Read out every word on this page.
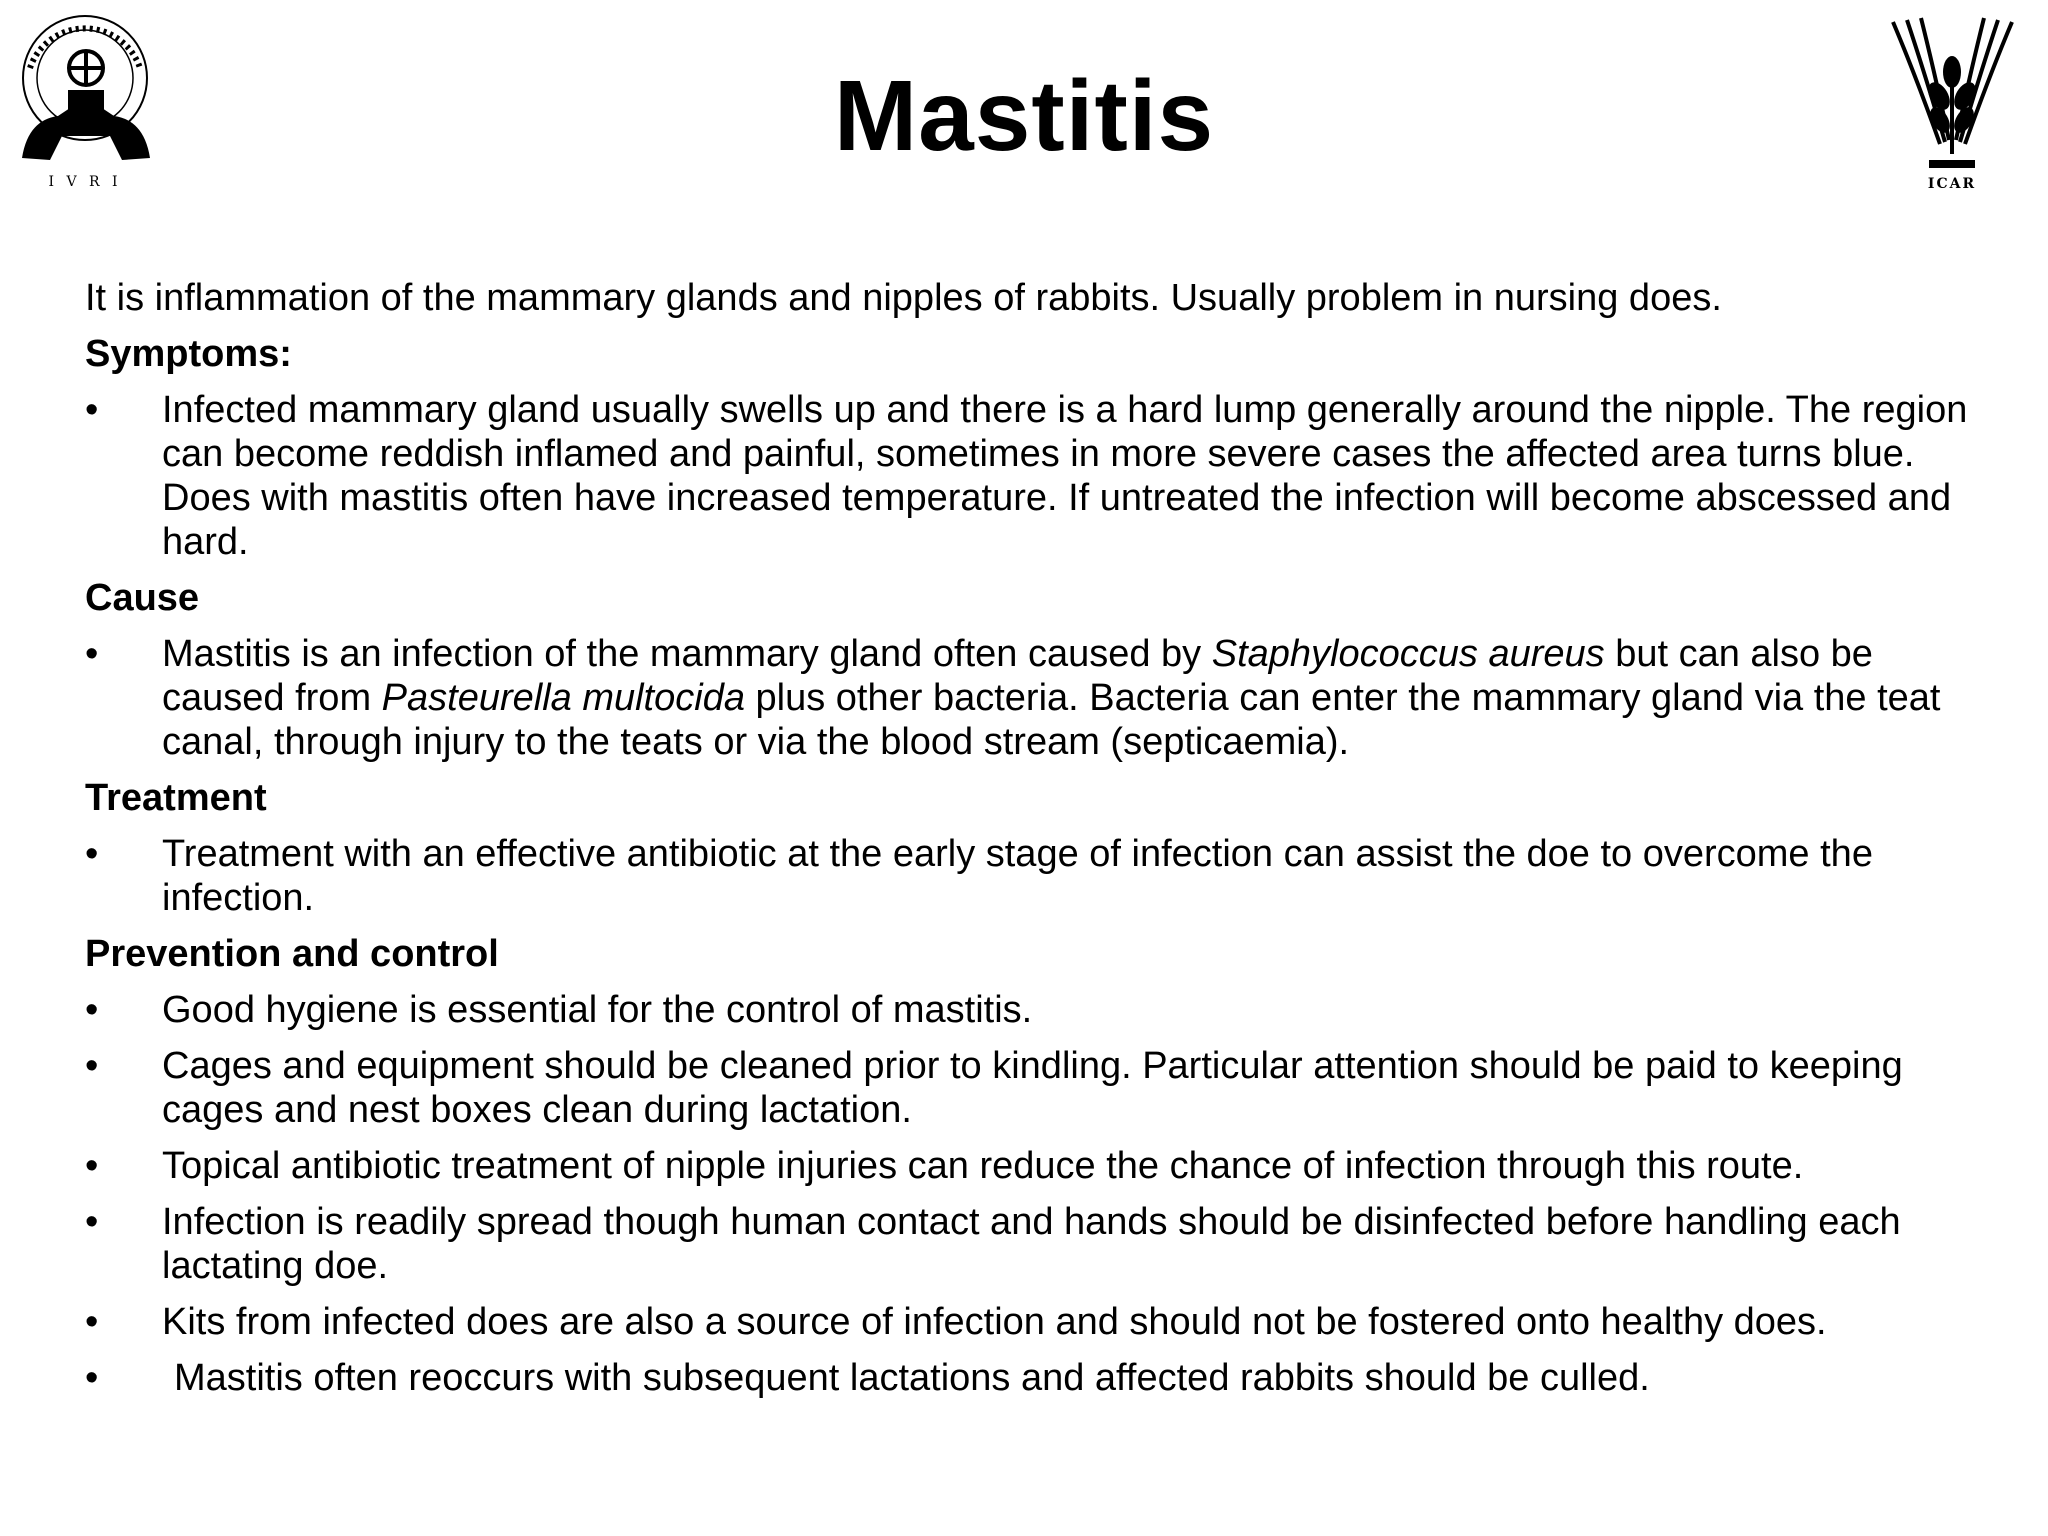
I V R I	ICAR
Mastitis

It is inflammation of the mammary glands and nipples of rabbits. Usually problem in nursing does.

Symptoms:

•	Infected mammary gland usually swells up and there is a hard lump generally around the nipple. The region can become reddish inflamed and painful, sometimes in more severe cases the affected area turns blue. Does with mastitis often have increased temperature. If untreated the infection will become abscessed and hard.

Cause

•	Mastitis is an infection of the mammary gland often caused by Staphylococcus aureus but can also be caused from Pasteurella multocida plus other bacteria. Bacteria can enter the mammary gland via the teat canal, through injury to the teats or via the blood stream (septicaemia).

Treatment

•	Treatment with an effective antibiotic at the early stage of infection can assist the doe to overcome the infection.

Prevention and control

•	Good hygiene is essential for the control of mastitis.
•	Cages and equipment should be cleaned prior to kindling. Particular attention should be paid to keeping cages and nest boxes clean during lactation.
•	Topical antibiotic treatment of nipple injuries can reduce the chance of infection through this route.
•	Infection is readily spread though human contact and hands should be disinfected before handling each lactating doe.
•	Kits from infected does are also a source of infection and should not be fostered onto healthy does.
•	Mastitis often reoccurs with subsequent lactations and affected rabbits should be culled.
